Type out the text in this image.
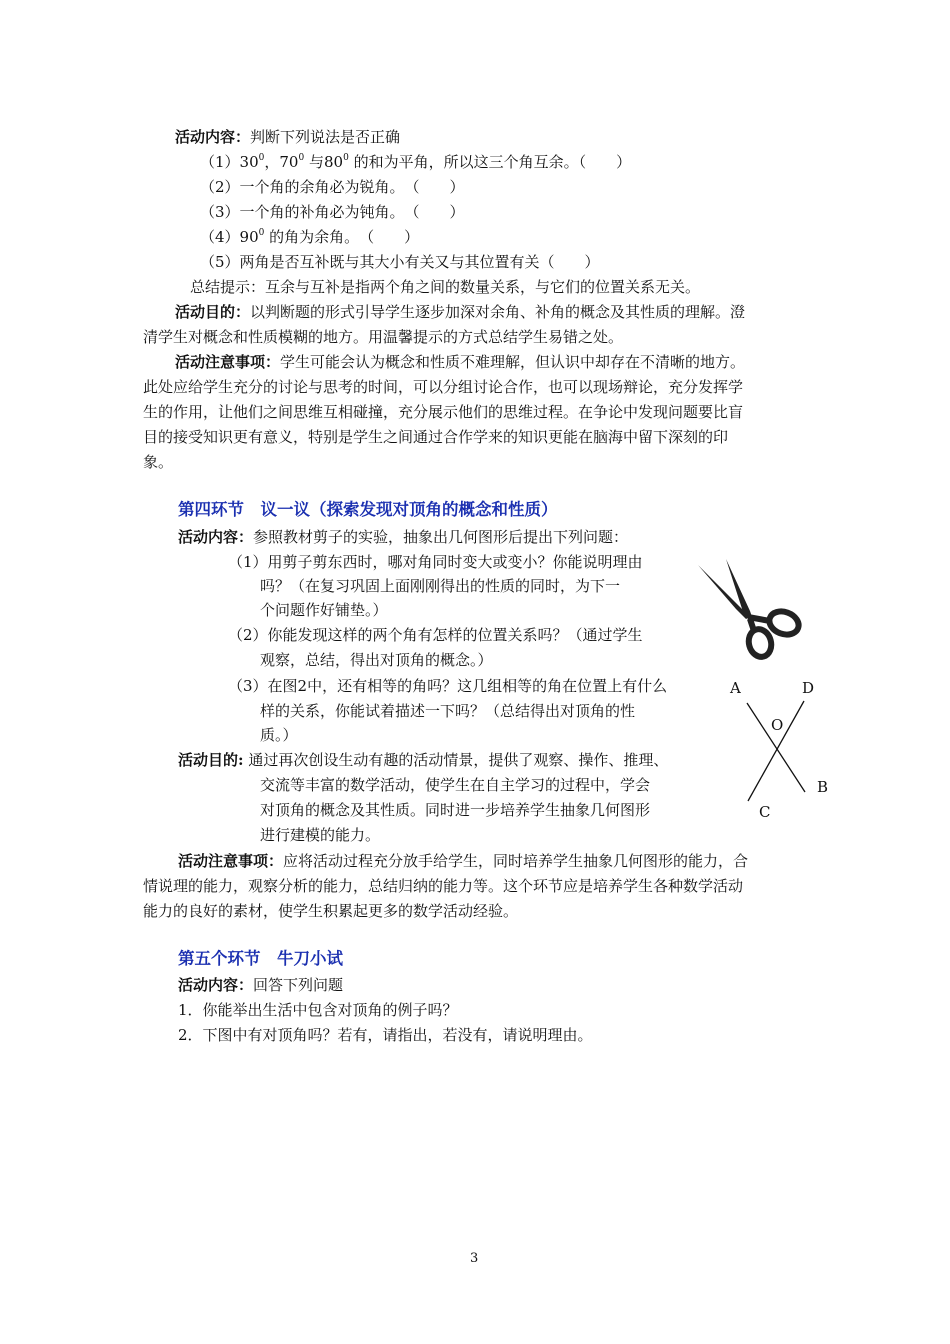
活动内容：判断下列说法是否正确
$(1)30^0$，$70^0$ 与$80^0$ 的和为平角，所以这三个角互余。（　　）
（2）一个角的余角必为锐角。　（　　）
（3）一个角的补角必为钝角。　（　　）
$(4)90^0$ 的角为余角。　（　　）
（5）两角是否互补既与其大小有关又与其位置有关（　　）
总结提示：互余与互补是指两个角之间的数量关系，与它们的位置关系无关。
活动目的：以判断题的形式引导学生逐步加深对余角、补角的概念及其性质的理解。澄
清学生对概念和性质模糊的地方。用温馨提示的方式总结学生易错之处。
活动注意事项：学生可能会认为概念和性质不难理解，但认识中却存在不清晰的地方。
此处应给学生充分的讨论与思考的时间，可以分组讨论合作，也可以现场辩论，充分发挥学
生的作用，让他们之间思维互相碰撞，充分展示他们的思维过程。在争论中发现问题要比盲
目的接受知识更有意义，特别是学生之间通过合作学来的知识更能在脑海中留下深刻的印
象。
第四环节　议一议（探索发现对顶角的概念和性质）
活动内容：参照教材剪子的实验，抽象出几何图形后提出下列问题：
（1）用剪子剪东西时，哪对角同时变大或变小？你能说明理由
吗？（在复习巩固上面刚刚得出的性质的同时，为下一
个问题作好铺垫。）
（2）你能发现这样的两个角有怎样的位置关系吗？（通过学生
观察，总结，得出对顶角的概念。）
（3）在图2中，还有相等的角吗？这几组相等的角在位置上有什么
样的关系，你能试着描述一下吗？（总结得出对顶角的性
质。）
活动目的: 通过再次创设生动有趣的活动情景，提供了观察、操作、推理、
交流等丰富的数学活动，使学生在自主学习的过程中，学会
对顶角的概念及其性质。同时进一步培养学生抽象几何图形
进行建模的能力。
活动注意事项：应将活动过程充分放手给学生，同时培养学生抽象几何图形的能力，合
情说理的能力，观察分析的能力，总结归纳的能力等。这个环节应是培养学生各种数学活动
能力的良好的素材，使学生积累起更多的数学活动经验。
A	D
O
B
C
第五个环节　牛刀小试
活动内容：回答下列问题
1．你能举出生活中包含对顶角的例子吗？
2．下图中有对顶角吗？若有，请指出，若没有，请说明理由。
3
